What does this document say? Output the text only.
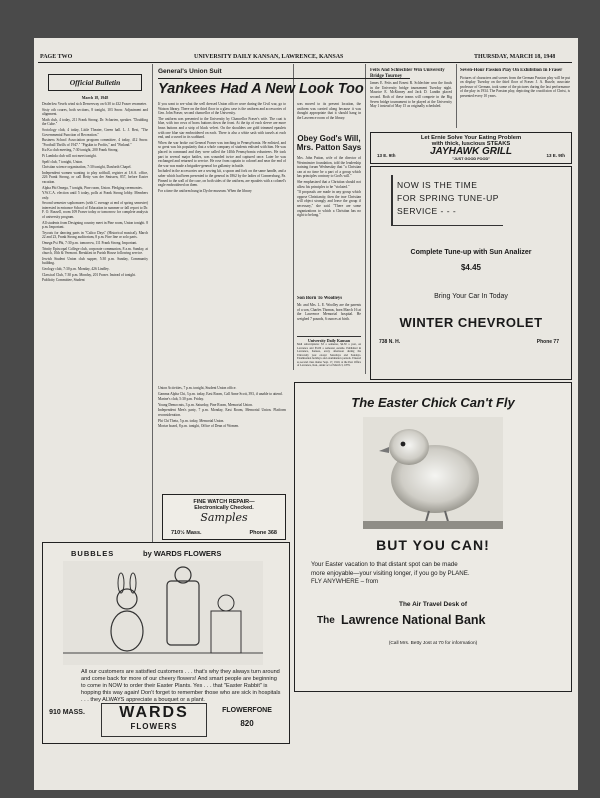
PAGE TWO	UNIVERSITY DAILY KANSAN, LAWRENCE, KANSAS	THURSDAY, MARCH 18, 1948
Official Bulletin
March 18, 1948

Dealerlow Vesels wind sich Denverway on 6:30 to 432 Fraser verameter.

Sixty oth coures, both sections, 8 tonight, 103 Snow. Adjustment and alignment.

Math club, 4 today, 211 Frank Strong. Dr. Scharten, speaker. "Doubling the Cube."

Sociology club, 4 today, Little Theater, Green hall. L. J. Rest, "The Governmental Function of Recreation."

Business School Association program committee, 4 today, 412 Snow. "Football Thrills of 1947." "Pigskin to Profits," and "Finland."

Ku Ku club meeting, 7:30 tonight, 200 Frank Strong.

Pi Lambda club will not meet tonight.

Spelf club, 7 tonight, Union.

Christian science organization, 7:30 tonight, Danforth Chapel.

Independent women wanting to play softball, register at I.S.A. office, 226 Frank Strong, or call Betty van der Smissen, 857, before Easter vacation.

Alpha Phi Omega, 7 tonight, Pine room, Union. Pledging ceremonies.

Y.W.C.A. election until 5 today, polls at Frank Strong lobby. Members only.

Second semester sophomores (with C average at end of spring semester) interested in entrance School of Education in summer or fall report to Dr. F. O. Russell, room 109 Fraser today or tomorrow for complete analysis of university program.

All students from Designing country meet in Pine room, Union tonight. 8 p.m. Important.

Tryouts for dancing parts in "Calico Days" (Historical musical), March 22 and 23, Frank Strong auditorium, 8 p.m. Fine line or solo parts.

Omega Psi Phi, 7:30 p.m. tomorrow, 111 Frank Strong. Important.

Trinity Episcopal College club, corporate communion, 8 a.m. Sunday, at church, 10th & Vermont. Breakfast in Parish House following service.

Jewish Student Union club supper, 5:30 p.m. Sunday, Community building.

Geology club, 7:30 p.m. Monday, 426 Lindley.

Classical Club, 7:30 p.m. Monday, 201 Fraser. Instead of tonight.

Publicity Committee, Student

General's Union Suit
Yankees Had A New Look Too

If you want to see what the well dressed Union officer wore during the Civil war, go to Watson library. There on the third floor in a glass case is the uniform and accessories of Gen. John Fraser, second chancellor of the University.

The uniform was presented to the University by Chancellor Fraser's wife. The coat is blue, with two rows of brass buttons down the front. At the tip of each sleeve are more brass buttons and a strip of black velvet. On the shoulders are gold trimmed epaulets with one blue star embroidered on each. There is also a white sash with tassels at each end, and a sword in its scabbard.

When the war broke out General Fraser was teaching in Pennsylvania. He enlisted, and so great was his popularity that a whole company of students enlisted with him. He was placed in command and they were called the 140th Pennsylvania volunteers. He took part in several major battles, was wounded twice and captured once. Later he was exchanged and returned to service. He rose from captain to colonel and near the end of the war was made a brigadier-general for gallantry in battle.

Included in the accessories are a sewing kit, a spoon and fork on the same handle, and a saber which had been presented to the general in 1862 by the ladies of Connersburg, Pa. Pinned to the wall of the case, on both sides of the uniform, are epaulets with a colonel's eagle embroidered on them.

For a time the uniform hung in Dyche museum. When the library

Union Activities, 7 p.m. tonight, Student Union office.

Gamma Alpha Chi, 3 p.m. today, East Room, Call Anne Scott, 393, if unable to attend.

Marine's club, 5:30 p.m. Friday.

Young Democrats, 3 p.m. Saturday, Pine Room, Memorial Union.

Independent Men's party, 7 p.m. Monday, East Room, Memorial Union. Platform reconsideration.

Phi Chi Theta, 5 p.m. today, Memorial Union.

Mortar board, 8 p.m. tonight, Office of Dean of Women.

FINE WATCH REPAIR—
Electronically Checked.
Samples
710½ Mass.	Phone 368

was moved to its present location, the uniform was carried along because it was thought appropriate that it should hang in the Lawrence room of the library.

Obey God's Will, Mrs. Patton Says

Mrs. John Patton, wife of the director of Westminster foundation, told the leadership training forum Wednesday that "a Christian can at no time be a part of a group which has principles contrary to God's will."

She emphasized that a Christian should not allow his principles to be "violated."

"If proposals are made in any group which oppose Christianity, then the true Christian will object strongly and leave the group if necessary," she said. "There are some organizations to which a Christian has no right to belong."

Son Born To Woolleys
Mr. and Mrs. L. E. Woolley are the parents of a son, Charles Thomas, born March 16 at the Lawrence Memorial hospital. He weighed 7 pounds, 6 ounces at birth.
University Daily Kansan
Mail subscriptions: $3 a semester, $4.50 a year, on Lawrence and $5.00 a semester outside. Published in Lawrence, Kansas, every afternoon during the University year except Saturdays and Sundays. Examination holidays and examination periods. Entered as second class matter Sept. 17, 1910, at the Post Office of Lawrence, Kan., under act of March 3, 1879.
Feits And Schlechter Win University Bridge Tourney
James E. Feits and Ernest R. Schlechter won the finals in the University bridge tournament Tuesday night. Maurice E. McKinney and Jack D. Lundin placed second. Both of these teams will compete in the Big Seven bridge tournament to be played at the University May 1 instead of May 15 as originally scheduled.
Seven-Hour Passion Play On Exhibition In Fraser
Pictures of characters and scenes from the German Passion play will be put on display Tuesday on the third floor of Fraser. J. A. Burzle, associate professor of German, took some of the pictures during the last performance of the play in 1934. The Passion play, depicting the crucifixion of Christ, is presented every 10 years.
Let Ernie Solve Your Eating Problem
with thick, luscious STEAKS
13 E. 9th	JAYHAWK GRILL	13 E. 9th
"JUST GOOD FOOD"
NOW IS THE TIME
FOR SPRING TUNE-UP
SERVICE - - -
Complete Tune-up with Sun Analizer
$4.45
Bring Your Car In Today
WINTER CHEVROLET
738 N. H.	Phone 77
The Easter Chick Can't Fly
BUT YOU CAN!
Your Easter vacation to that distant spot can be made
more enjoyable—your visiting longer, if you go by PLANE.
FLY ANYWHERE – from
The Air Travel Desk of
The Lawrence National Bank
(Call Mrs. Betty Jost at 70 for information)
BUBBLES	by WARDS FLOWERS
All our customers are satisfied customers . . . that's why they always turn around and come back for more of our cheery flowers! And smart people are beginning to come in NOW to order their Easter Plants. Yes . . . that "Easter Rabbit" is hopping this way again! Don't forget to remember those who are sick in hospitals . . . they ALWAYS appreciate a bouquet or a plant.
910 MASS.	WARDS
FLOWERS
FLOWERFONE
820
